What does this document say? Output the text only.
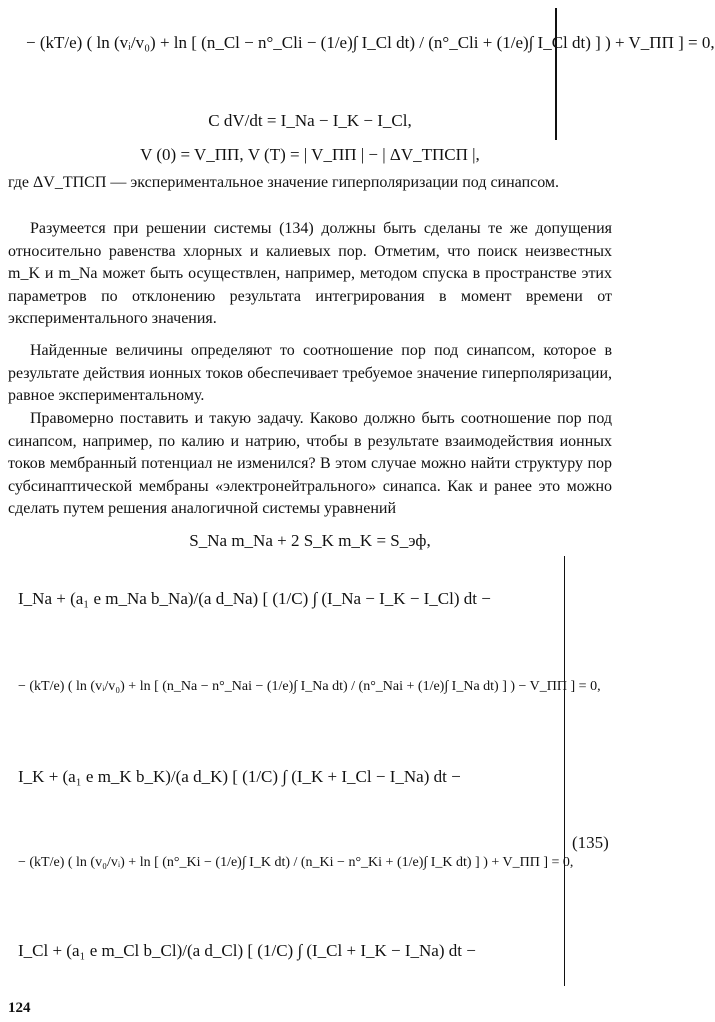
− (kT/e) ( ln (vᵢ/v₀) + ln [ (n_Cl − n°_Cli − (1/e)∫ I_Cl dt) / (n°_Cli + (1/e)∫ I_Cl dt) ] ) + V_ПП ] = 0,
C dV/dt = I_Na − I_K − I_Cl,
V (0) = V_ПП, V (T) = | V_ПП | − | ΔV_ТПСП |,
где ΔV_ТПСП — экспериментальное значение гиперполяризации под синапсом.
Разумеется при решении системы (134) должны быть сделаны те же допущения относительно равенства хлорных и калиевых пор. Отметим, что поиск неизвестных m_K и m_Na может быть осуществлен, например, методом спуска в пространстве этих параметров по отклонению результата интегрирования в момент времени от экспериментального значения.
Найденные величины определяют то соотношение пор под синапсом, которое в результате действия ионных токов обеспечивает требуемое значение гиперполяризации, равное экспериментальному.
Правомерно поставить и такую задачу. Каково должно быть соотношение пор под синапсом, например, по калию и натрию, чтобы в результате взаимодействия ионных токов мембранный потенциал не изменился? В этом случае можно найти структуру пор субсинаптической мембраны «электронейтрального» синапса. Как и ранее это можно сделать путем решения аналогичной системы уравнений
S_Na m_Na + 2 S_K m_K = S_эф,
I_Na + (a₁ e m_Na b_Na)/(a d_Na) [ (1/C) ∫ (I_Na − I_K − I_Cl) dt −
− (kT/e) ( ln (vᵢ/v₀) + ln [ (n_Na − n°_Nai − (1/e)∫ I_Na dt) / (n°_Nai + (1/e)∫ I_Na dt) ] ) − V_ПП ] = 0,
I_K + (a₁ e m_K b_K)/(a d_K) [ (1/C) ∫ (I_K + I_Cl − I_Na) dt −
− (kT/e) ( ln (v₀/vᵢ) + ln [ (n°_Ki − (1/e)∫ I_K dt) / (n_Ki − n°_Ki + (1/e)∫ I_K dt) ] ) + V_ПП ] = 0,
I_Cl + (a₁ e m_Cl b_Cl)/(a d_Cl) [ (1/C) ∫ (I_Cl + I_K − I_Na) dt −
(135)
124
